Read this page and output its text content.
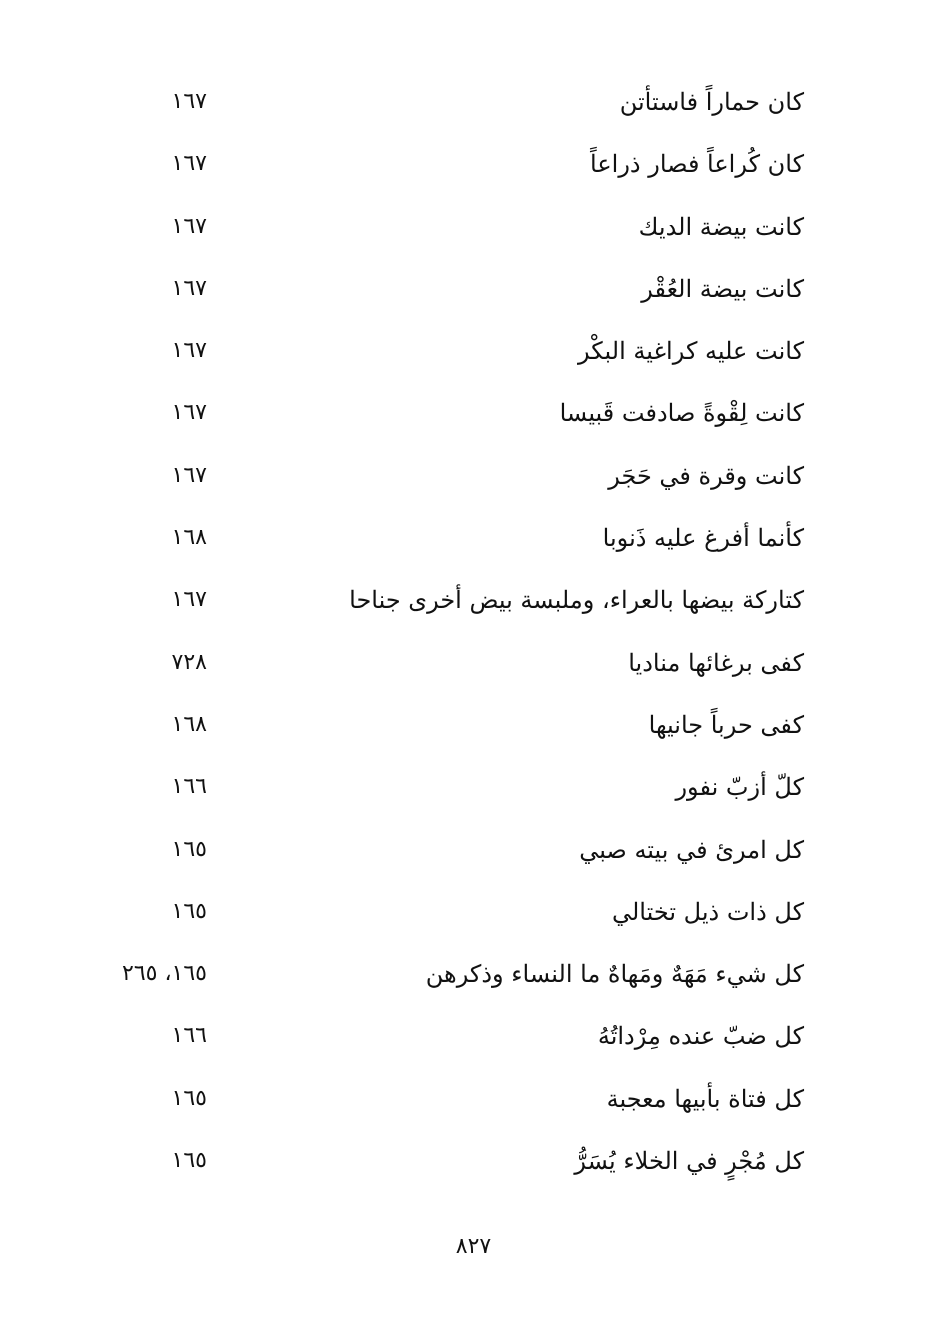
كان حماراً فاستأتن
١٦٧
كان كُراعاً فصار ذراعاً
١٦٧
كانت بيضة الديك
١٦٧
كانت بيضة العُقْر
١٦٧
كانت عليه كراغية البكْر
١٦٧
كانت لِقْوةً صادفت قَبيسا
١٦٧
كانت وقرة في حَجَر
١٦٧
كأنما أفرغ عليه ذَنوبا
١٦٨
كتاركة بيضها بالعراء، وملبسة بيض أخرى جناحا
١٦٧
كفى برغائها مناديا
٧٢٨
كفى حرباً جانيها
١٦٨
كلّ أزبّ نفور
١٦٦
كل امرئ في بيته صبي
١٦٥
كل ذات ذيل تختالي
١٦٥
كل شيء مَهَهٌ ومَهاهٌ ما النساء وذكرهن
١٦٥، ٢٦٥
كل ضبّ عنده مِرْداتُهُ
١٦٦
كل فتاة بأبيها معجبة
١٦٥
كل مُجْرٍ في الخلاء يُسَرُّ
١٦٥
٨٢٧
